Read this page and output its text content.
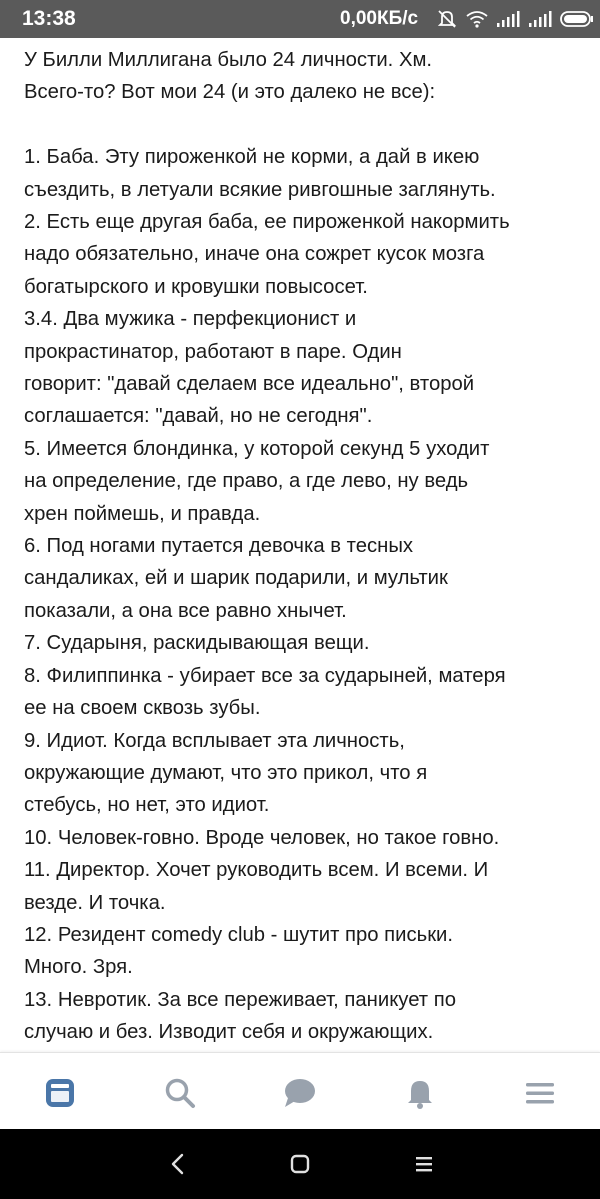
13:38	0,00КБ/с

У Билли Миллигана было 24 личности. Хм.

Всего-то? Вот мои 24 (и это далеко не все):

1. Баба. Эту пироженкой не корми, а дай в икею

съездить, в летуали всякие ривгошные заглянуть.

2. Есть еще другая баба, ее пироженкой накормить

надо обязательно, иначе она сожрет кусок мозга

богатырского и кровушки повысосет.

3.4. Два мужика - перфекционист и

прокрастинатор, работают в паре. Один

говорит: "давай сделаем все идеально", второй

соглашается: "давай, но не сегодня".

5. Имеется блондинка, у которой секунд 5 уходит

на определение, где право, а где лево, ну ведь

хрен поймешь, и правда.

6. Под ногами путается девочка в тесных

сандаликах, ей и шарик подарили, и мультик

показали, а она все равно хнычет.

7. Сударыня, раскидывающая вещи.

8. Филиппинка - убирает все за сударыней, матеря

ее на своем сквозь зубы.

9. Идиот. Когда всплывает эта личность,

окружающие думают, что это прикол, что я

стебусь, но нет, это идиот.

10. Человек-говно. Вроде человек, но такое говно.

11. Директор. Хочет руководить всем. И всеми. И

везде. И точка.

12. Резидент comedy club - шутит про письки.

Много. Зря.

13. Невротик. За все переживает, паникует по

случаю и без. Изводит себя и окружающих.
